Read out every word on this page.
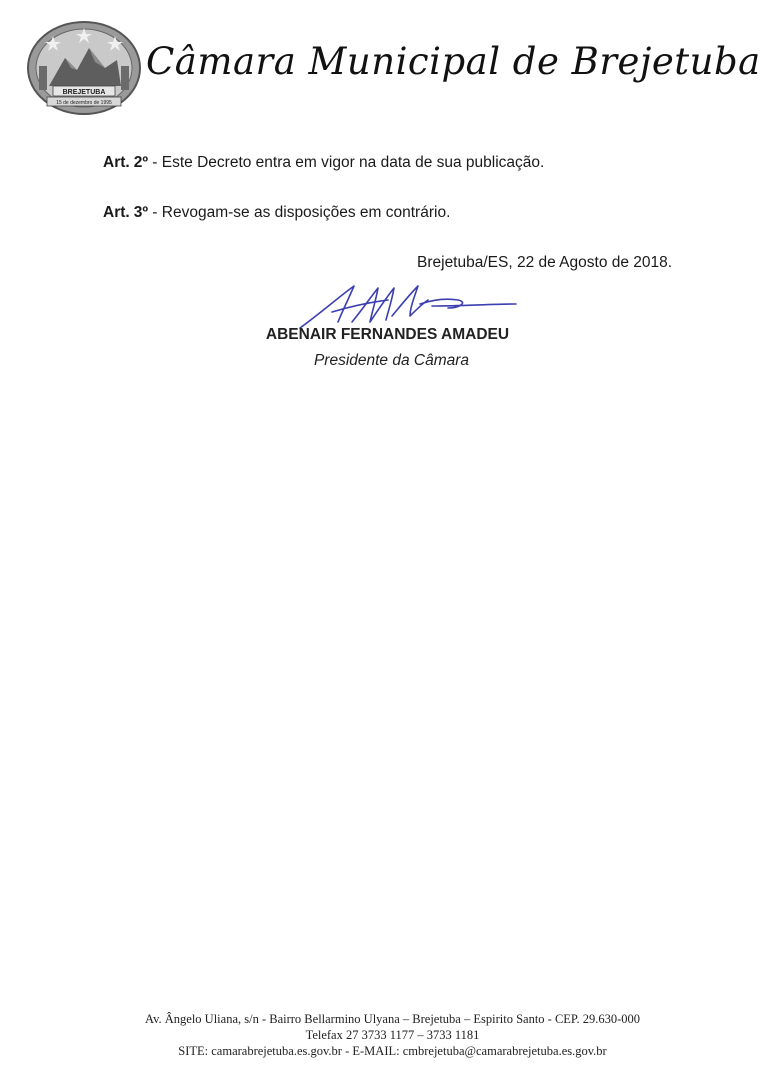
BREJETUBA
15 de dezembro de 1995
Câmara Municipal de Brejetuba
Art. 2º - Este Decreto entra em vigor na data de sua publicação.
Art. 3º - Revogam-se as disposições em contrário.
Brejetuba/ES, 22 de Agosto de 2018.
ABENAIR FERNANDES AMADEU
Presidente da Câmara
Av. Ângelo Uliana, s/n - Bairro Bellarmino Ulyana – Brejetuba – Espirito Santo - CEP. 29.630-000
Telefax 27 3733 1177 – 3733 1181
SITE: camarabrejetuba.es.gov.br - E-MAIL: cmbrejetuba@camarabrejetuba.es.gov.br
